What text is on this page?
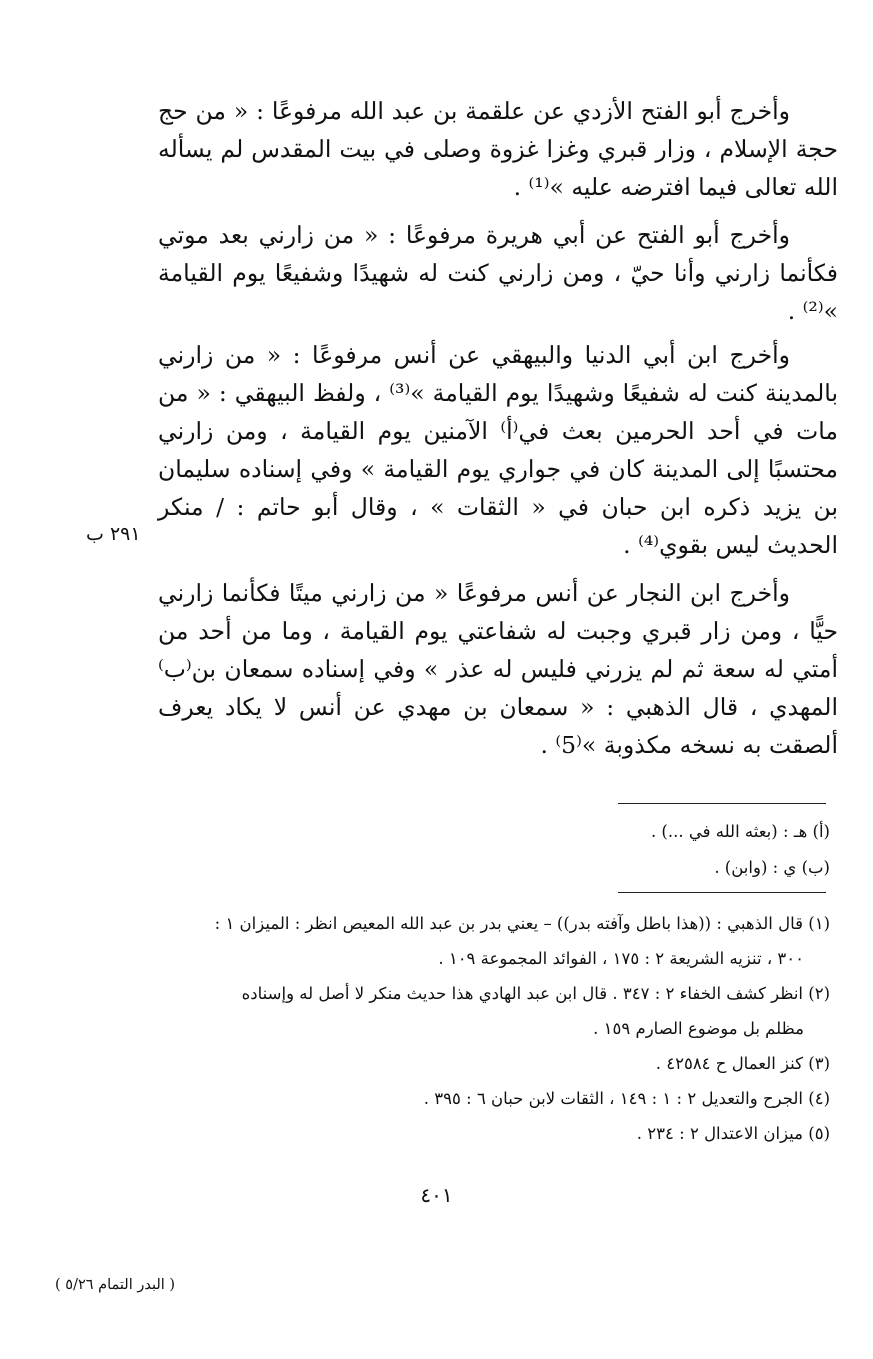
وأخرج أبو الفتح الأزدي عن علقمة بن عبد الله مرفوعًا : « من حج حجة الإسلام ، وزار قبري وغزا غزوة وصلى في بيت المقدس لم يسأله الله تعالى فيما افترضه عليه »⁽¹⁾ .

وأخرج أبو الفتح عن أبي هريرة مرفوعًا : « من زارني بعد موتي فكأنما زارني وأنا حيّ ، ومن زارني كنت له شهيدًا وشفيعًا يوم القيامة »⁽²⁾ .

وأخرج ابن أبي الدنيا والبيهقي عن أنس مرفوعًا : « من زارني بالمدينة كنت له شفيعًا وشهيدًا يوم القيامة »⁽³⁾ ، ولفظ البيهقي : « من مات في أحد الحرمين بعث في⁽أ⁾ الآمنين يوم القيامة ، ومن زارني محتسبًا إلى المدينة كان في جواري يوم القيامة » وفي إسناده سليمان بن يزيد ذكره ابن حبان في « الثقات » ، وقال أبو حاتم : / منكر الحديث ليس بقوي⁽⁴⁾ .

وأخرج ابن النجار عن أنس مرفوعًا « من زارني ميتًا فكأنما زارني حيًّا ، ومن زار قبري وجبت له شفاعتي يوم القيامة ، وما من أحد من أمتي له سعة ثم لم يزرني فليس له عذر » وفي إسناده سمعان بن⁽ب⁾ المهدي ، قال الذهبي : « سمعان بن مهدي عن أنس لا يكاد يعرف ألصقت به نسخه مكذوبة »⁽5⁾ .

٢٩١ ب
(أ) هـ : (بعثه الله في ...) .
(ب) ي : (وابن) .
(١) قال الذهبي : ((هذا باطل وآفته بدر)) – يعني بدر بن عبد الله المعيص انظر : الميزان ١ :
٣٠٠ ، تنزيه الشريعة ٢ : ١٧٥ ، الفوائد المجموعة ١٠٩ .
(٢) انظر كشف الخفاء ٢ : ٣٤٧ . قال ابن عبد الهادي هذا حديث منكر لا أصل له وإسناده
مظلم بل موضوع الصارم ١٥٩ .
(٣) كنز العمال ح ٤٢٥٨٤ .
(٤) الجرح والتعديل ٢ : ١ : ١٤٩ ، الثقات لابن حبان ٦ : ٣٩٥ .
(٥) ميزان الاعتدال ٢ : ٢٣٤ .
٤٠١
( البدر التمام ٥/٢٦ )
